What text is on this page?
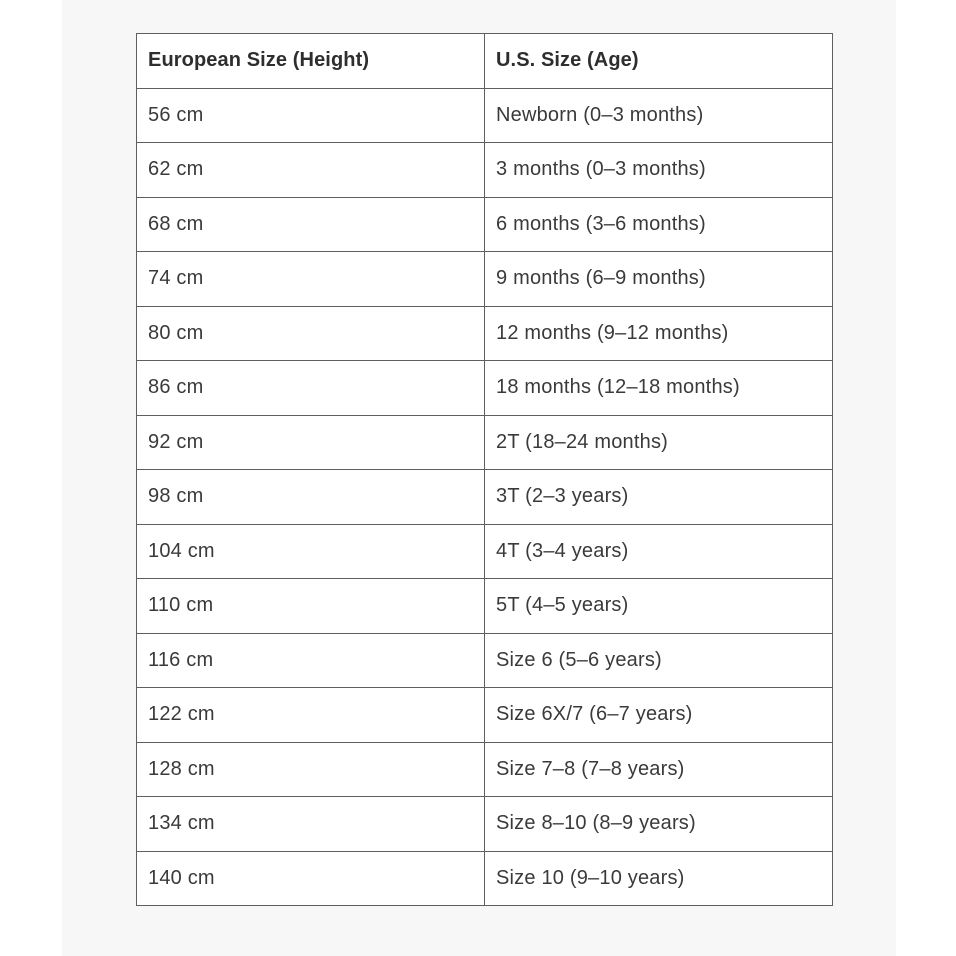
European Size (Height)	U.S. Size (Age)
56 cm	Newborn (0–3 months)
62 cm	3 months (0–3 months)
68 cm	6 months (3–6 months)
74 cm	9 months (6–9 months)
80 cm	12 months (9–12 months)
86 cm	18 months (12–18 months)
92 cm	2T (18–24 months)
98 cm	3T (2–3 years)
104 cm	4T (3–4 years)
110 cm	5T (4–5 years)
116 cm	Size 6 (5–6 years)
122 cm	Size 6X/7 (6–7 years)
128 cm	Size 7–8 (7–8 years)
134 cm	Size 8–10 (8–9 years)
140 cm	Size 10 (9–10 years)
